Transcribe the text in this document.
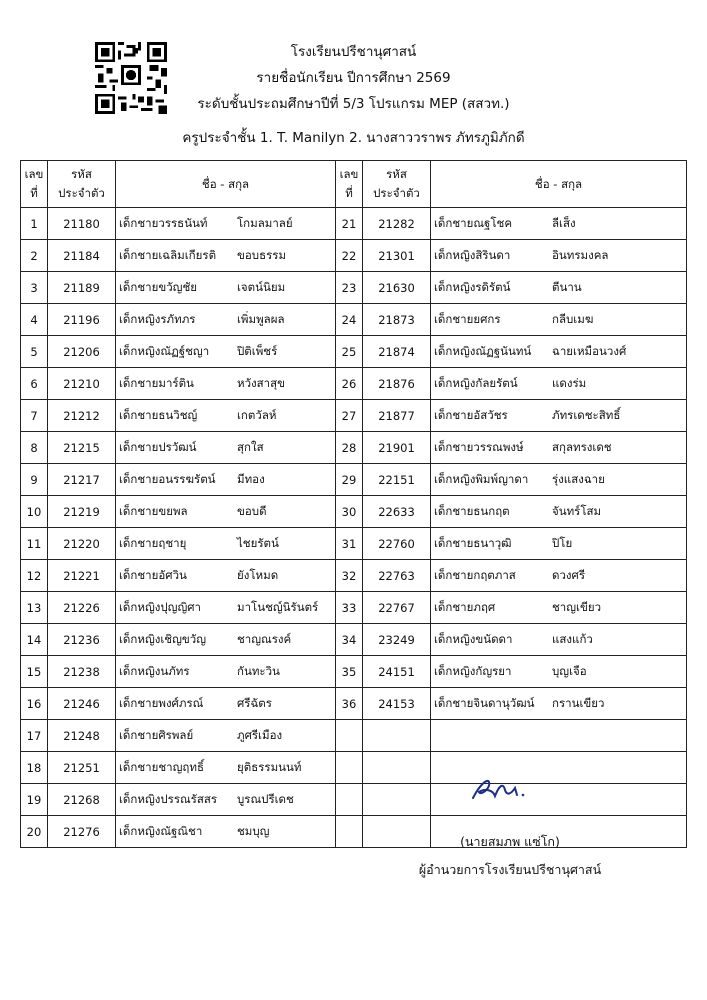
โรงเรียนปรีชานุศาสน์
รายชื่อนักเรียน ปีการศึกษา 2569
ระดับชั้นประถมศึกษาปีที่ 5/3 โปรแกรม MEP (สสวท.)
ครูประจำชั้น 1. T. Manilyn 2. นางสาววราพร ภัทรภูมิภักดี
เลข
ที่	รหัส
ประจำตัว	ชื่อ - สกุล	เลข
ที่	รหัส
ประจำตัว	ชื่อ - สกุล
1	21180	เด็กชายวรรธนันท์ โกมลมาลย์	21	21282	เด็กชายณฐโชค ลีเส็ง
2	21184	เด็กชายเฉลิมเกียรติ ขอบธรรม	22	21301	เด็กหญิงสิรินดา อินทรมงคล
3	21189	เด็กชายขวัญชัย เจตน์นิยม	23	21630	เด็กหญิงรดิรัตน์ ตีนาน
4	21196	เด็กหญิงรภัทภร เพิ่มพูลผล	24	21873	เด็กชายยศกร กลีบเมฆ
5	21206	เด็กหญิงณัฏฐ์ชญา ปิติเพ็ชร์	25	21874	เด็กหญิงณัฏฐนันทน์ ฉายเหมือนวงศ์
6	21210	เด็กชายมาร์ติน หวังสาสุข	26	21876	เด็กหญิงกัลยรัตน์ แดงร่ม
7	21212	เด็กชายธนวิชญ์ เกตวัลห์	27	21877	เด็กชายอัสวัชร ภัทรเดชะสิทธิ์
8	21215	เด็กชายปรวัฒน์ สุกใส	28	21901	เด็กชายวรรณพงษ์ สกุลทรงเดช
9	21217	เด็กชายอนรรฆรัตน์ มีทอง	29	22151	เด็กหญิงพิมพ์ญาดา รุ่งแสงฉาย
10	21219	เด็กชายขยพล ขอบดี	30	22633	เด็กชายธนกฤต จันทร์โสม
11	21220	เด็กชายฤชายุ ไชยรัตน์	31	22760	เด็กชายธนาวุฒิ ปิโย
12	21221	เด็กชายอัศวิน ยังโหมด	32	22763	เด็กชายกฤตภาส ดวงศรี
13	21226	เด็กหญิงปุญญิศา มาโนชญ์นิรันตร์	33	22767	เด็กชายภฤศ ชาญเขียว
14	21236	เด็กหญิงเชิญขวัญ ชาญณรงค์	34	23249	เด็กหญิงขนัดดา แสงแก้ว
15	21238	เด็กหญิงนภัทร กันทะวิน	35	24151	เด็กหญิงกัญรยา บุญเจือ
16	21246	เด็กชายพงศ์ภรณ์ ศรีฉัตร	36	24153	เด็กชายจินดานุวัฒน์ กรานเขียว
17	21248	เด็กชายศิรพลย์ ภูศรีเมือง			
18	21251	เด็กชายชาญฤทธิ์ ยุติธรรมนนท์			
19	21268	เด็กหญิงปรรณรัสสร บูรณปรีเดช			
20	21276	เด็กหญิงณัฐณิชา ชมบุญ			
(นายสมภพ แซ่โก)
ผู้อำนวยการโรงเรียนปรีชานุศาสน์
